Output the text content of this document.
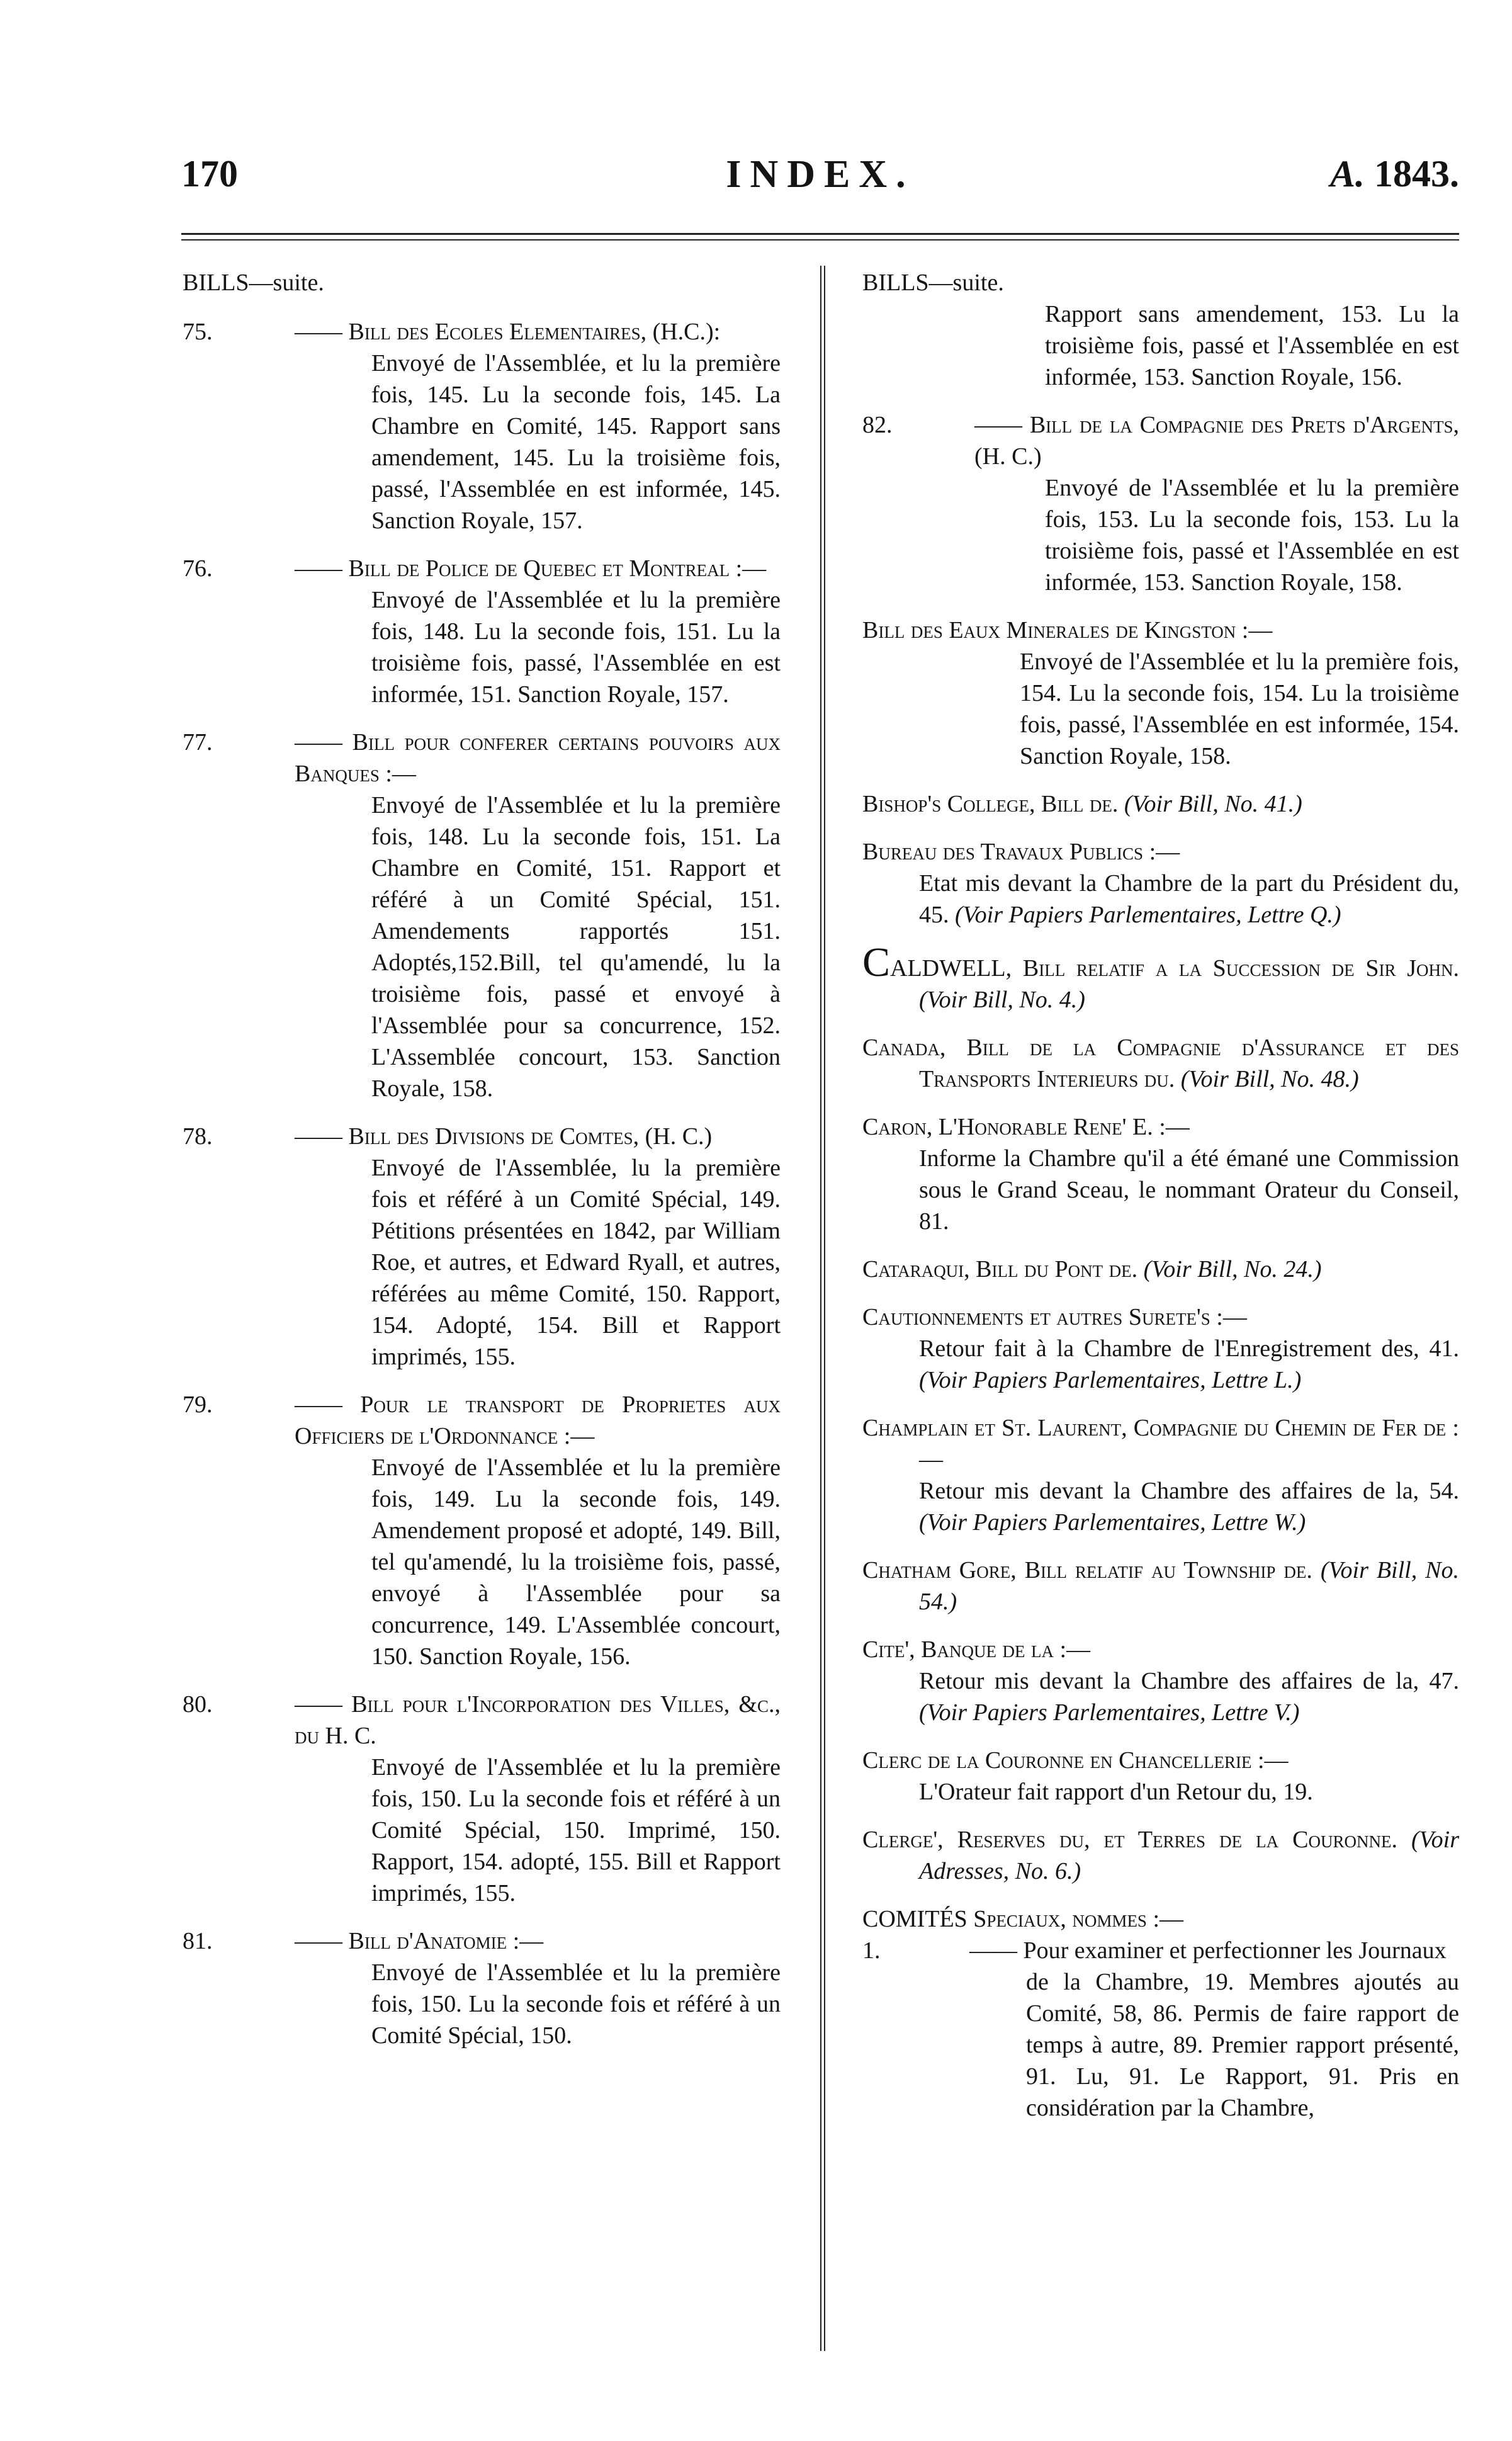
170	INDEX.	A. 1843.
BILLS—suite.
75.	—— Bill des Ecoles Elementaires, (H.C.):
Envoyé de l'Assemblée, et lu la première fois, 145. Lu la seconde fois, 145. La Chambre en Comité, 145. Rapport sans amendement, 145. Lu la troisième fois, passé, l'Assemblée en est informée, 145. Sanction Royale, 157.
76.	—— Bill de Police de Quebec et Montreal :—
Envoyé de l'Assemblée et lu la première fois, 148. Lu la seconde fois, 151. Lu la troisième fois, passé, l'Assemblée en est informée, 151. Sanction Royale, 157.
77.	—— Bill pour conferer certains pouvoirs aux Banques :—
Envoyé de l'Assemblée et lu la première fois, 148. Lu la seconde fois, 151. La Chambre en Comité, 151. Rapport et référé à un Comité Spécial, 151. Amendements rapportés 151. Adoptés,152.Bill, tel qu'amendé, lu la troisième fois, passé et envoyé à l'Assemblée pour sa concurrence, 152. L'Assemblée concourt, 153. Sanction Royale, 158.
78.	—— Bill des Divisions de Comtes, (H. C.)
Envoyé de l'Assemblée, lu la première fois et référé à un Comité Spécial, 149. Pétitions présentées en 1842, par William Roe, et autres, et Edward Ryall, et autres, référées au même Comité, 150. Rapport, 154. Adopté, 154. Bill et Rapport imprimés, 155.
79.	—— Pour le transport de Proprietes aux Officiers de l'Ordonnance :—
Envoyé de l'Assemblée et lu la première fois, 149. Lu la seconde fois, 149. Amendement proposé et adopté, 149. Bill, tel qu'amendé, lu la troisième fois, passé, envoyé à l'Assemblée pour sa concurrence, 149. L'Assemblée concourt, 150. Sanction Royale, 156.
80.	—— Bill pour l'Incorporation des Villes, &c., du H. C.
Envoyé de l'Assemblée et lu la première fois, 150. Lu la seconde fois et référé à un Comité Spécial, 150. Imprimé, 150. Rapport, 154. adopté, 155. Bill et Rapport imprimés, 155.
81.	—— Bill d'Anatomie :—
Envoyé de l'Assemblée et lu la première fois, 150. Lu la seconde fois et référé à un Comité Spécial, 150.
BILLS—suite.
Rapport sans amendement, 153. Lu la troisième fois, passé et l'Assemblée en est informée, 153. Sanction Royale, 156.
82.	—— Bill de la Compagnie des Prets d'Argents, (H. C.)
Envoyé de l'Assemblée et lu la première fois, 153. Lu la seconde fois, 153. Lu la troisième fois, passé et l'Assemblée en est informée, 153. Sanction Royale, 158.
Bill des Eaux Minerales de Kingston :—
Envoyé de l'Assemblée et lu la première fois, 154. Lu la seconde fois, 154. Lu la troisième fois, passé, l'Assemblée en est informée, 154. Sanction Royale, 158.
Bishop's College, Bill de. (Voir Bill, No. 41.)
Bureau des Travaux Publics :—
Etat mis devant la Chambre de la part du Président du, 45. (Voir Papiers Parlementaires, Lettre Q.)
CALDWELL, Bill relatif a la Succession de Sir John. (Voir Bill, No. 4.)
Canada, Bill de la Compagnie d'Assurance et des Transports Interieurs du. (Voir Bill, No. 48.)
Caron, L'Honorable Rene' E. :—
Informe la Chambre qu'il a été émané une Commission sous le Grand Sceau, le nommant Orateur du Conseil, 81.
Cataraqui, Bill du Pont de. (Voir Bill, No. 24.)
Cautionnements et autres Surete's :—
Retour fait à la Chambre de l'Enregistrement des, 41. (Voir Papiers Parlementaires, Lettre L.)
Champlain et St. Laurent, Compagnie du Chemin de Fer de :—
Retour mis devant la Chambre des affaires de la, 54. (Voir Papiers Parlementaires, Lettre W.)
Chatham Gore, Bill relatif au Township de. (Voir Bill, No. 54.)
Cite', Banque de la :—
Retour mis devant la Chambre des affaires de la, 47. (Voir Papiers Parlementaires, Lettre V.)
Clerc de la Couronne en Chancellerie :—
L'Orateur fait rapport d'un Retour du, 19.
Clerge', Reserves du, et Terres de la Couronne. (Voir Adresses, No. 6.)
COMITÉS Speciaux, nommes :—
1.	—— Pour examiner et perfectionner les Journaux
de la Chambre, 19. Membres ajoutés au Comité, 58, 86. Permis de faire rapport de temps à autre, 89. Premier rapport présenté, 91. Lu, 91. Le Rapport, 91. Pris en considération par la Chambre,
